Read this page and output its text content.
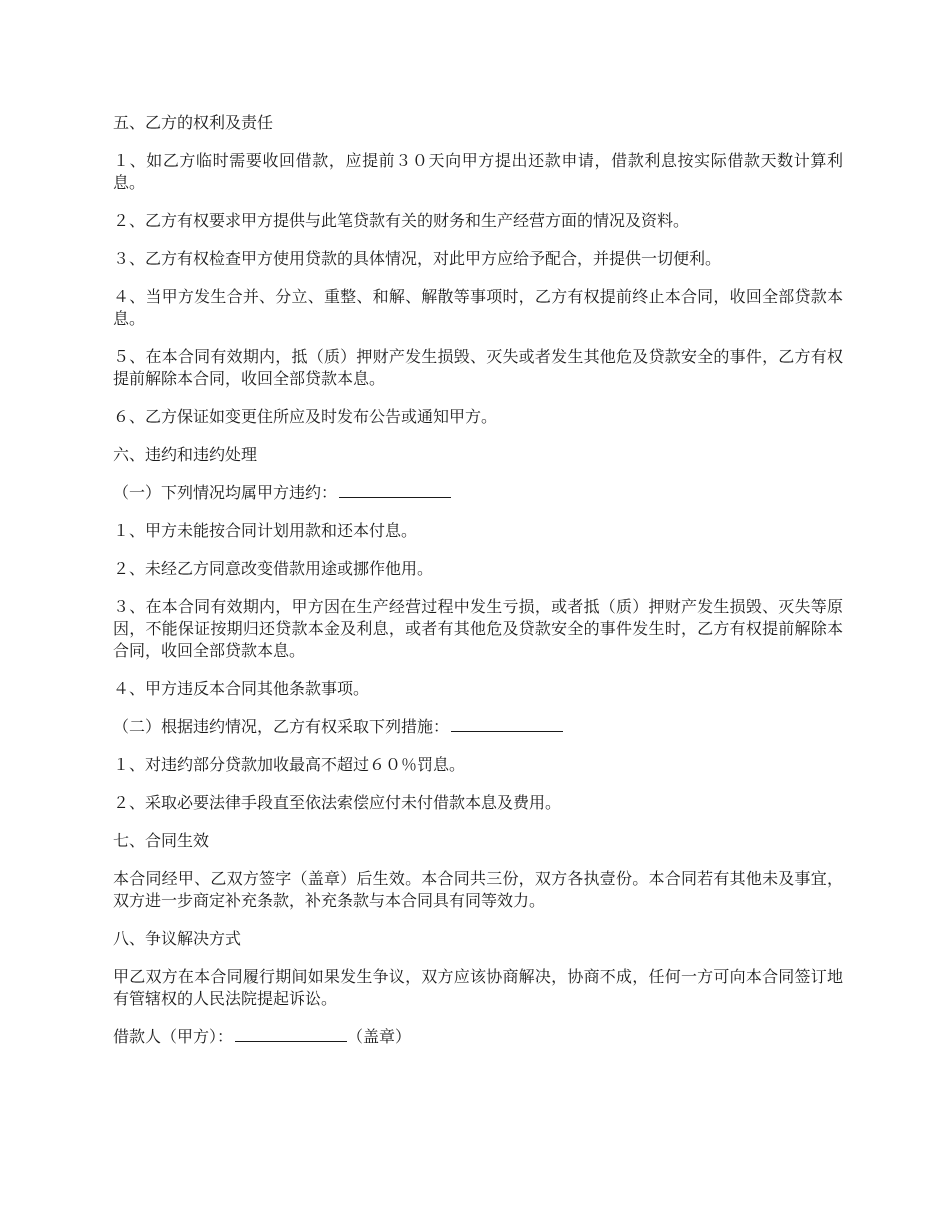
五、乙方的权利及责任

１、如乙方临时需要收回借款，应提前３０天向甲方提出还款申请，借款利息按实际借款天数计算利息。

２、乙方有权要求甲方提供与此笔贷款有关的财务和生产经营方面的情况及资料。

３、乙方有权检查甲方使用贷款的具体情况，对此甲方应给予配合，并提供一切便利。

４、当甲方发生合并、分立、重整、和解、解散等事项时，乙方有权提前终止本合同，收回全部贷款本息。

５、在本合同有效期内，抵（质）押财产发生损毁、灭失或者发生其他危及贷款安全的事件，乙方有权提前解除本合同，收回全部贷款本息。

６、乙方保证如变更住所应及时发布公告或通知甲方。

六、违约和违约处理

（一）下列情况均属甲方违约：

１、甲方未能按合同计划用款和还本付息。

２、未经乙方同意改变借款用途或挪作他用。

３、在本合同有效期内，甲方因在生产经营过程中发生亏损，或者抵（质）押财产发生损毁、灭失等原因，不能保证按期归还贷款本金及利息，或者有其他危及贷款安全的事件发生时，乙方有权提前解除本合同，收回全部贷款本息。

４、甲方违反本合同其他条款事项。

（二）根据违约情况，乙方有权采取下列措施：

１、对违约部分贷款加收最高不超过６０％罚息。

２、采取必要法律手段直至依法索偿应付未付借款本息及费用。

七、合同生效

本合同经甲、乙双方签字（盖章）后生效。本合同共三份，双方各执壹份。本合同若有其他未及事宜，双方进一步商定补充条款，补充条款与本合同具有同等效力。

八、争议解决方式

甲乙双方在本合同履行期间如果发生争议，双方应该协商解决，协商不成，任何一方可向本合同签订地有管辖权的人民法院提起诉讼。

借款人（甲方）：	（盖章）
